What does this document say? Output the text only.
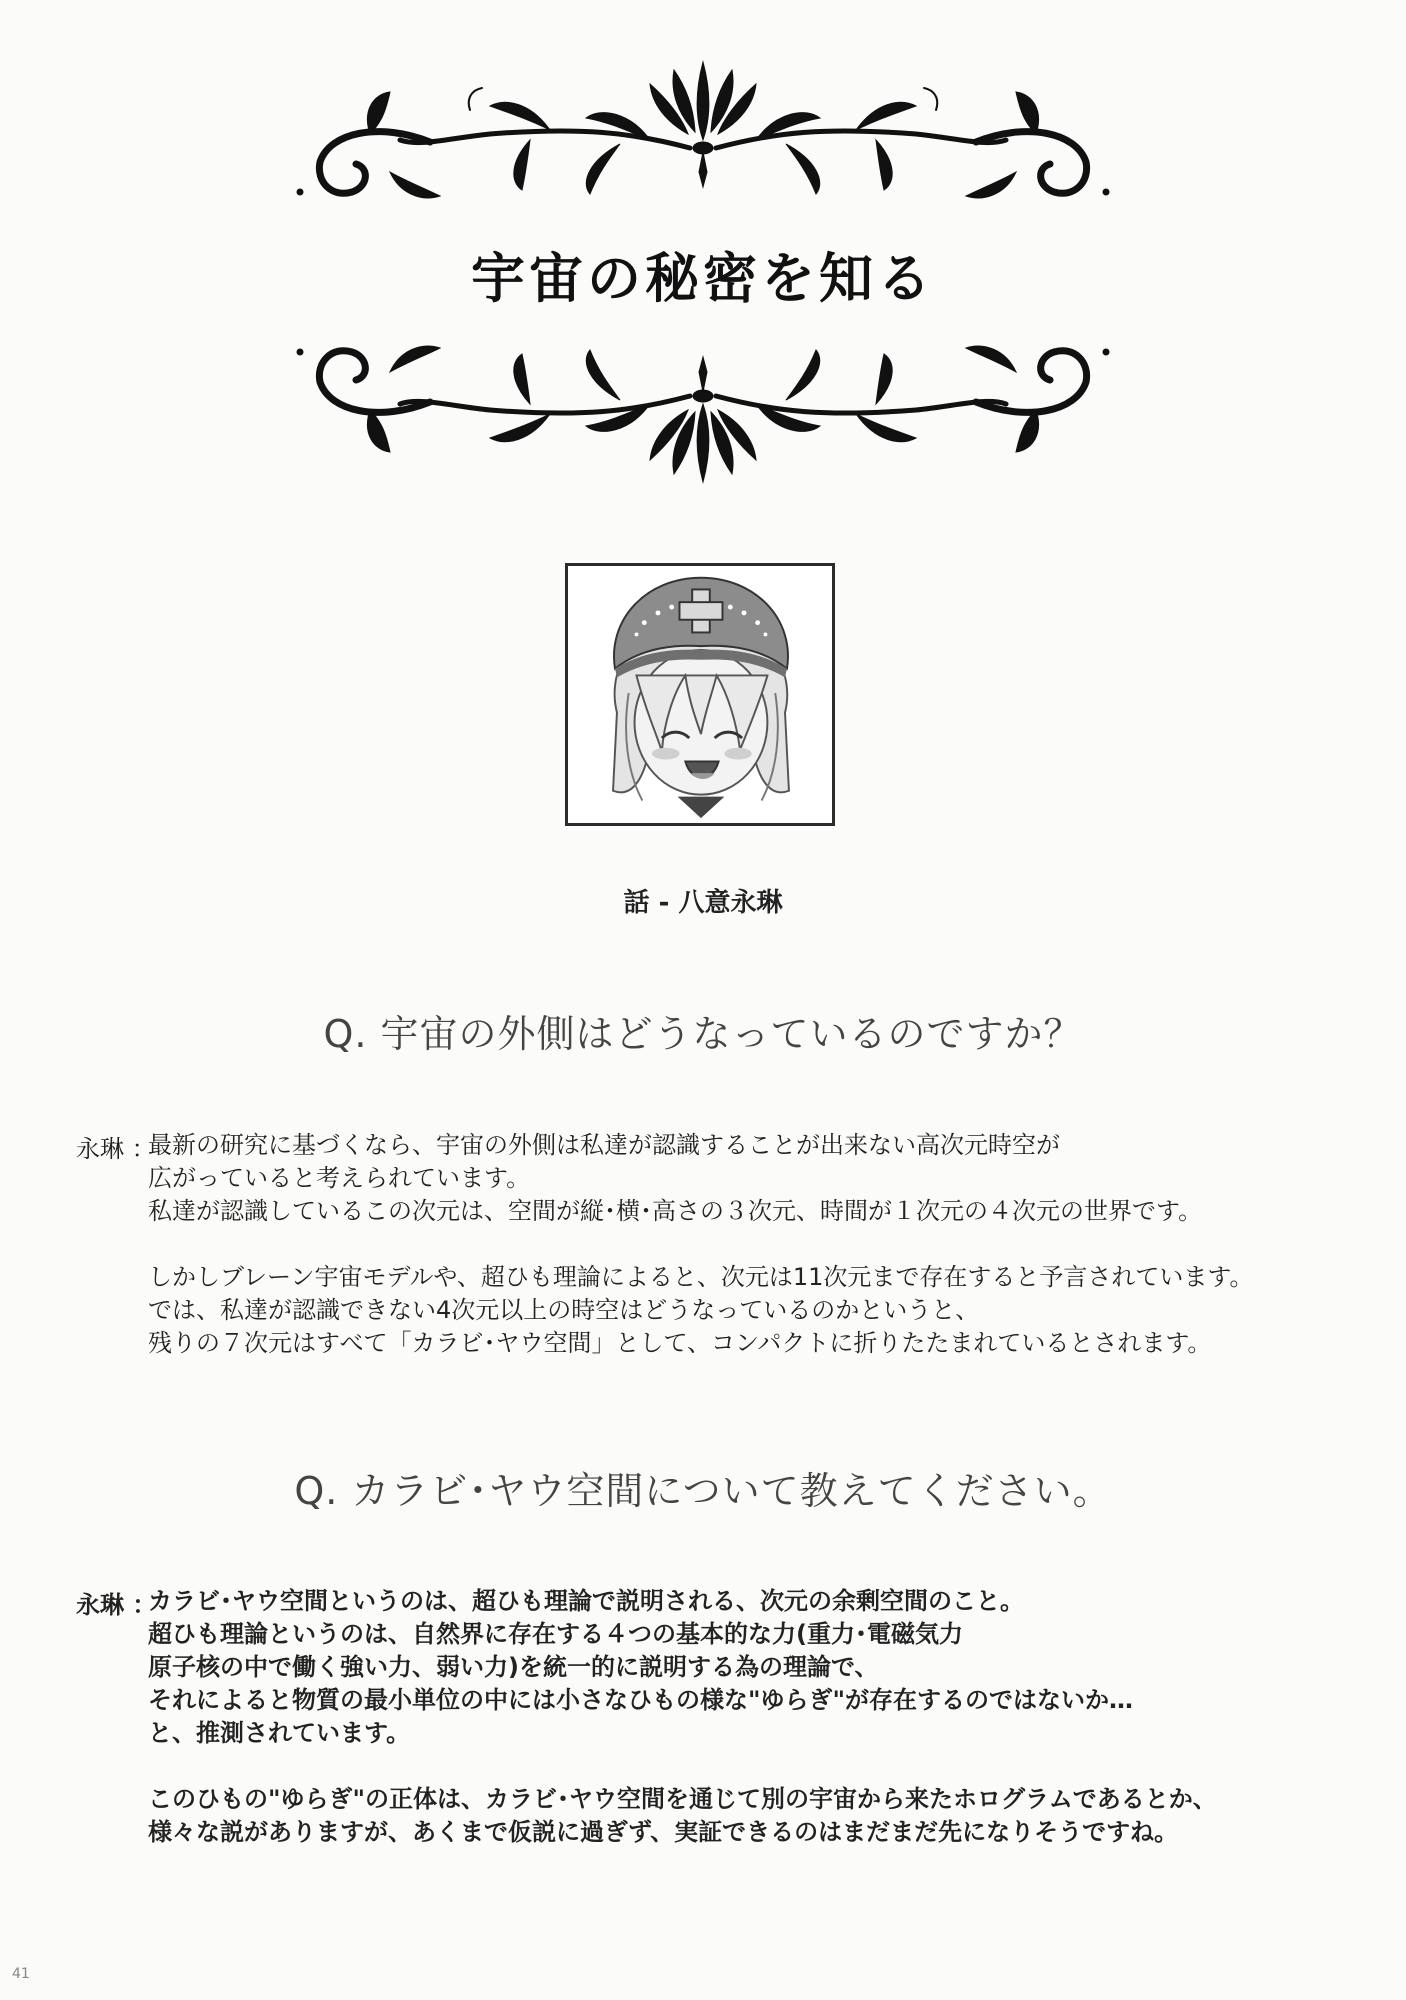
宇宙の秘密を知る
話 - 八意永琳
Q. 宇宙の外側はどうなっているのですか？
永琳 ：
最新の研究に基づくなら、宇宙の外側は私達が認識することが出来ない高次元時空が
広がっていると考えられています。
私達が認識しているこの次元は、空間が縦･横･高さの３次元、時間が１次元の４次元の世界です。
しかしブレーン宇宙モデルや、超ひも理論によると、次元は11次元まで存在すると予言されています。
では、私達が認識できない4次元以上の時空はどうなっているのかというと、
残りの７次元はすべて「カラビ･ヤウ空間」として、コンパクトに折りたたまれているとされます。
Q. カラビ･ヤウ空間について教えてください。
永琳 ：
カラビ･ヤウ空間というのは、超ひも理論で説明される、次元の余剰空間のこと。
超ひも理論というのは、自然界に存在する４つの基本的な力(重力･電磁気力
原子核の中で働く強い力、弱い力)を統一的に説明する為の理論で、
それによると物質の最小単位の中には小さなひもの様な"ゆらぎ"が存在するのではないか…
と、推測されています。
このひもの"ゆらぎ"の正体は、カラビ･ヤウ空間を通じて別の宇宙から来たホログラムであるとか、
様々な説がありますが、あくまで仮説に過ぎず、実証できるのはまだまだ先になりそうですね。
41
